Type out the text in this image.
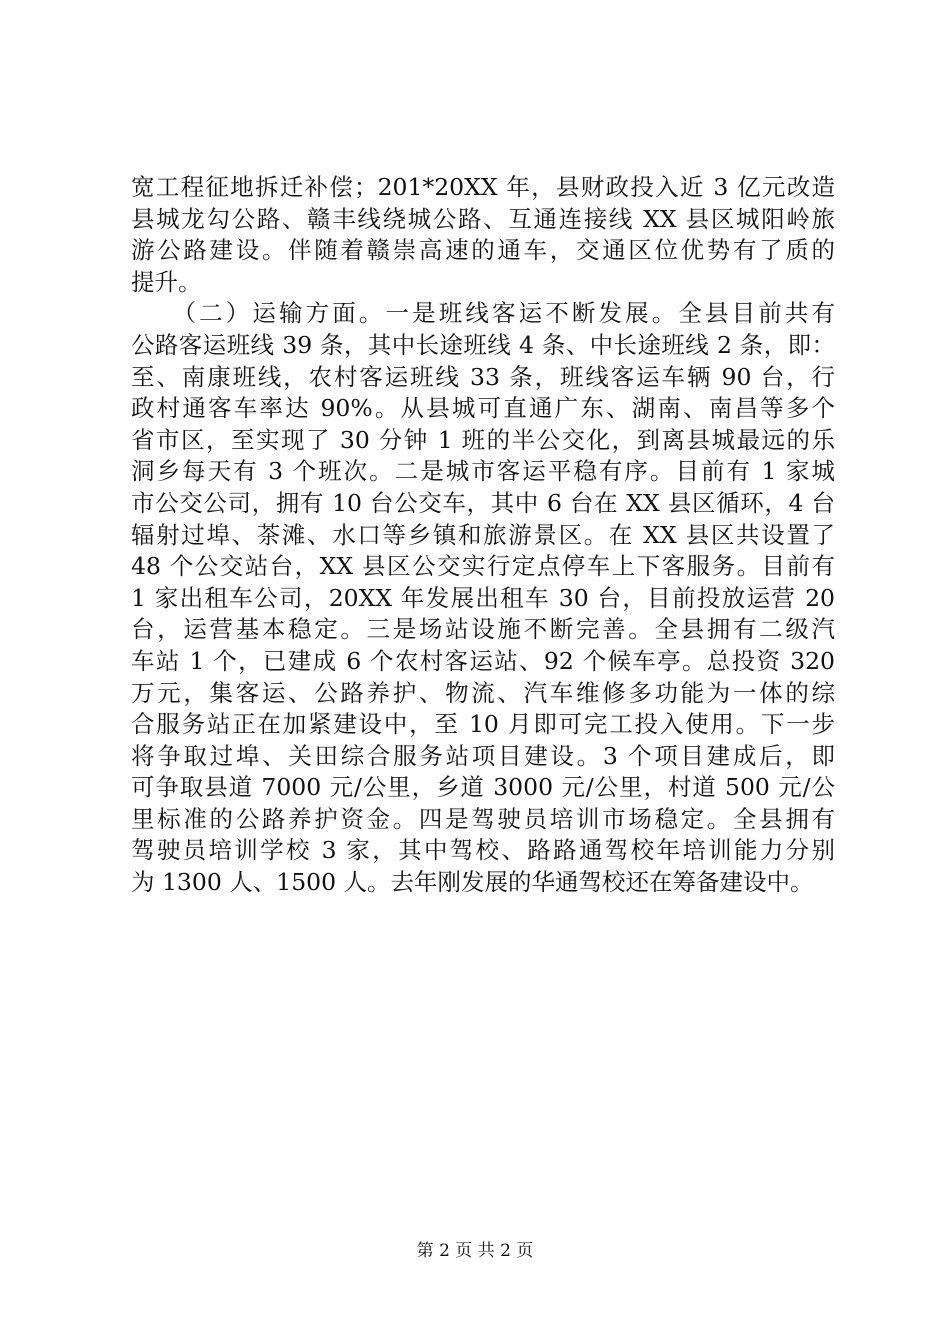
宽工程征地拆迁补偿；201*20XX 年，县财政投入近 3 亿元改造
县城龙勾公路、赣丰线绕城公路、互通连接线 XX 县区城阳岭旅
游公路建设。伴随着赣崇高速的通车，交通区位优势有了质的
提升。
　　（二）运输方面。一是班线客运不断发展。全县目前共有
公路客运班线 39 条，其中长途班线 4 条、中长途班线 2 条，即：
至、南康班线，农村客运班线 33 条，班线客运车辆 90 台，行
政村通客车率达 90%。从县城可直通广东、湖南、南昌等多个
省市区，至实现了 30 分钟 1 班的半公交化，到离县城最远的乐
洞乡每天有 3 个班次。二是城市客运平稳有序。目前有 1 家城
市公交公司，拥有 10 台公交车，其中 6 台在 XX 县区循环，4 台
辐射过埠、茶滩、水口等乡镇和旅游景区。在 XX 县区共设置了
48 个公交站台，XX 县区公交实行定点停车上下客服务。目前有
1 家出租车公司，20XX 年发展出租车 30 台，目前投放运营 20
台，运营基本稳定。三是场站设施不断完善。全县拥有二级汽
车站 1 个，已建成 6 个农村客运站、92 个候车亭。总投资 320
万元，集客运、公路养护、物流、汽车维修多功能为一体的综
合服务站正在加紧建设中，至 10 月即可完工投入使用。下一步
将争取过埠、关田综合服务站项目建设。3 个项目建成后，即
可争取县道 7000 元/公里，乡道 3000 元/公里，村道 500 元/公
里标准的公路养护资金。四是驾驶员培训市场稳定。全县拥有
驾驶员培训学校 3 家，其中驾校、路路通驾校年培训能力分别
为 1300 人、1500 人。去年刚发展的华通驾校还在筹备建设中。
第 2 页 共 2 页
